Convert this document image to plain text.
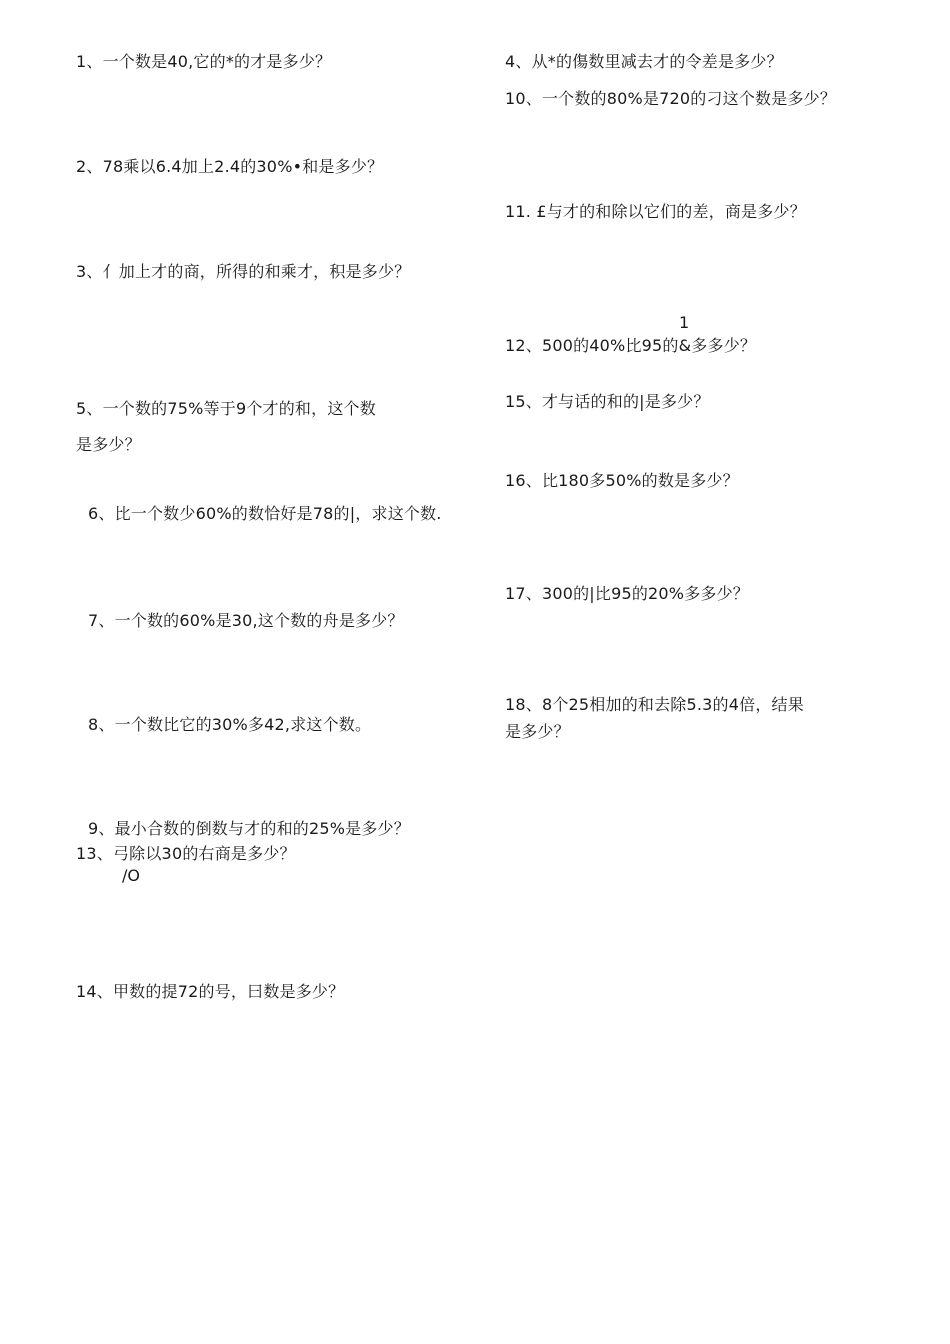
1、一个数是40,它的*的才是多少？
2、78乘以6.4加上2.4的30%•和是多少？
3、亻加上才的商，所得的和乘才，积是多少？
5、一个数的75%等于9个才的和，这个数
是多少？
6、比一个数少60%的数恰好是78的|，求这个数.
7、一个数的60%是30,这个数的舟是多少？
8、一个数比它的30%多42,求这个数。
9、最小合数的倒数与才的和的25%是多少？
13、弓除以30的右商是多少？
/O
14、甲数的提72的号，曰数是多少？
4、从*的傷数里减去才的令差是多少？
10、一个数的80%是720的刁这个数是多少？
11. £与才的和除以它们的差，商是多少？
1
12、500的40%比95的&多多少？
15、才与话的和的|是多少？
16、比180多50%的数是多少？
17、300的|比95的20%多多少？
18、8个25相加的和去除5.3的4倍，结果
是多少？
